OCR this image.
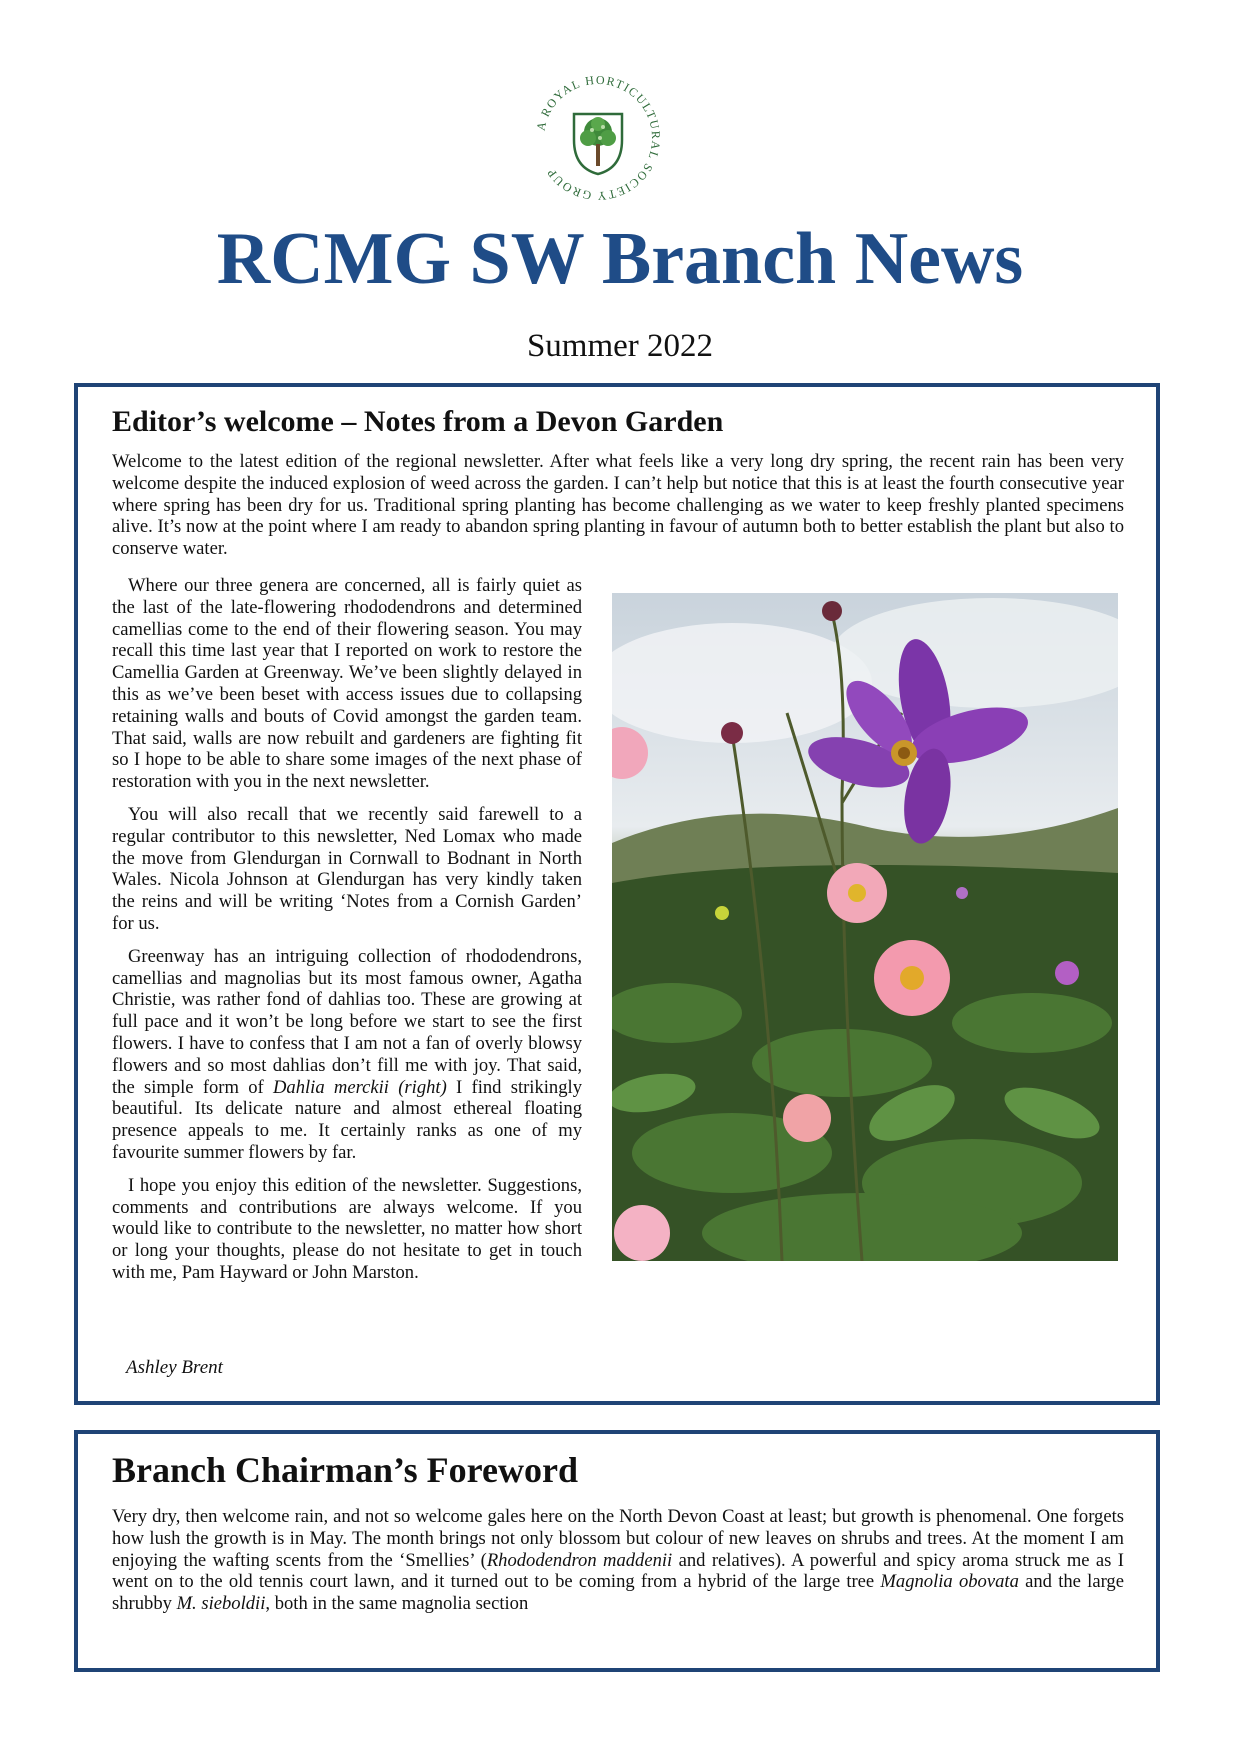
A ROYAL HORTICULTURAL SOCIETY GROUP
RCMG SW Branch News
Summer 2022
Editor’s welcome – Notes from a Devon Garden

Welcome to the latest edition of the regional newsletter. After what feels like a very long dry spring, the recent rain has been very welcome despite the induced explosion of weed across the garden. I can’t help but notice that this is at least the fourth consecutive year where spring has been dry for us. Traditional spring planting has become challenging as we water to keep freshly planted specimens alive. It’s now at the point where I am ready to abandon spring planting in favour of autumn both to better establish the plant but also to conserve water.

Where our three genera are concerned, all is fairly quiet as the last of the late-flowering rhododendrons and determined camellias come to the end of their flowering season. You may recall this time last year that I reported on work to restore the Camellia Garden at Greenway. We’ve been slightly delayed in this as we’ve been beset with access issues due to collapsing retaining walls and bouts of Covid amongst the garden team. That said, walls are now rebuilt and gardeners are fighting fit so I hope to be able to share some images of the next phase of restoration with you in the next newsletter.

You will also recall that we recently said farewell to a regular contributor to this newsletter, Ned Lomax who made the move from Glendurgan in Cornwall to Bodnant in North Wales. Nicola Johnson at Glendurgan has very kindly taken the reins and will be writing ‘Notes from a Cornish Garden’ for us.

Greenway has an intriguing collection of rhododendrons, camellias and magnolias but its most famous owner, Agatha Christie, was rather fond of dahlias too. These are growing at full pace and it won’t be long before we start to see the first flowers. I have to confess that I am not a fan of overly blowsy flowers and so most dahlias don’t fill me with joy. That said, the simple form of Dahlia merckii (right) I find strikingly beautiful. Its delicate nature and almost ethereal floating presence appeals to me. It certainly ranks as one of my favourite summer flowers by far.

I hope you enjoy this edition of the newsletter. Suggestions, comments and contributions are always welcome. If you would like to contribute to the newsletter, no matter how short or long your thoughts, please do not hesitate to get in touch with me, Pam Hayward or John Marston.

Ashley Brent
Branch Chairman’s Foreword

Very dry, then welcome rain, and not so welcome gales here on the North Devon Coast at least; but growth is phenomenal. One forgets how lush the growth is in May. The month brings not only blossom but colour of new leaves on shrubs and trees. At the moment I am enjoying the wafting scents from the ‘Smellies’ (Rhododendron maddenii and relatives). A powerful and spicy aroma struck me as I went on to the old tennis court lawn, and it turned out to be coming from a hybrid of the large tree Magnolia obovata and the large shrubby M. sieboldii, both in the same magnolia section
